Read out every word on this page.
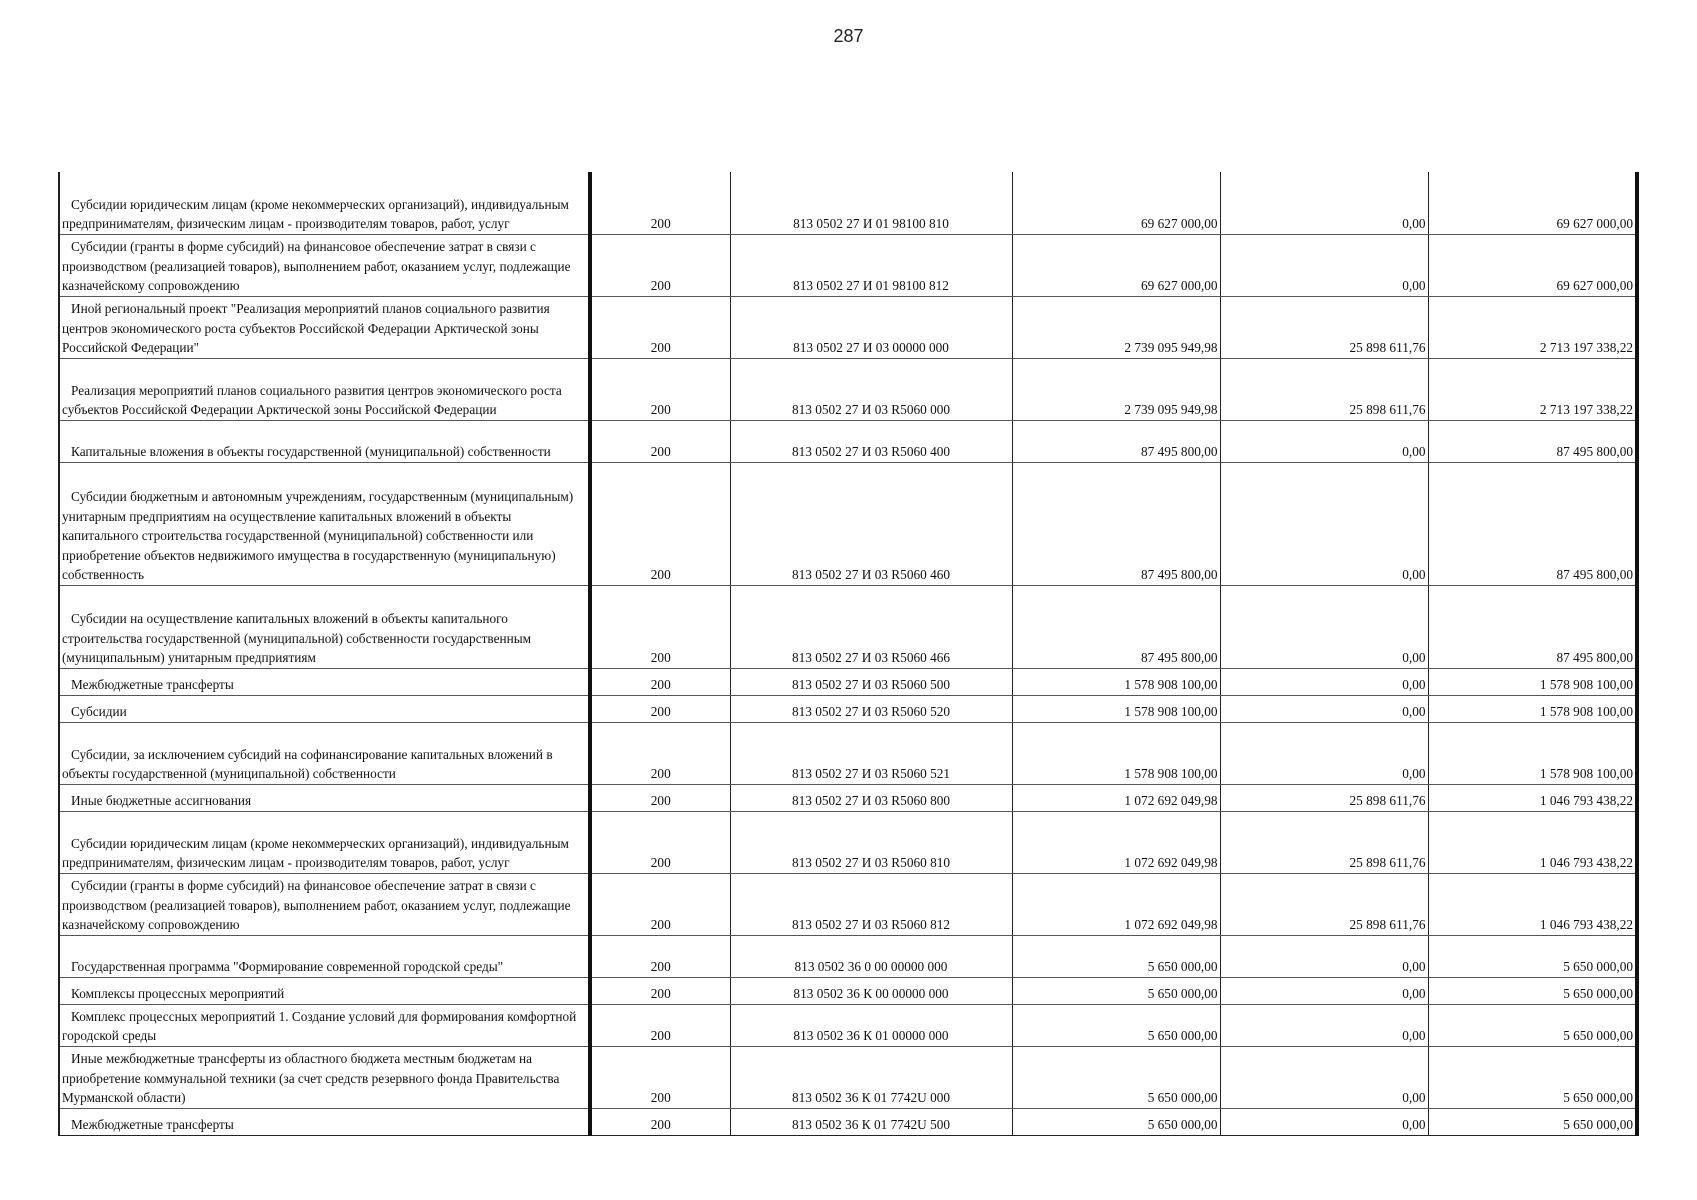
287
Субсидии юридическим лицам (кроме некоммерческих организаций), индивидуальным предпринимателям, физическим лицам - производителям товаров, работ, услуг	200	813 0502 27 И 01 98100 810	69 627 000,00	0,00	69 627 000,00

Субсидии (гранты в форме субсидий) на финансовое обеспечение затрат в связи с производством (реализацией товаров), выполнением работ, оказанием услуг, подлежащие казначейскому сопровождению	200	813 0502 27 И 01 98100 812	69 627 000,00	0,00	69 627 000,00

Иной региональный проект "Реализация мероприятий планов социального развития центров экономического роста субъектов Российской Федерации Арктической зоны Российской Федерации"	200	813 0502 27 И 03 00000 000	2 739 095 949,98	25 898 611,76	2 713 197 338,22

Реализация мероприятий планов социального развития центров экономического роста субъектов Российской Федерации Арктической зоны Российской Федерации	200	813 0502 27 И 03 R5060 000	2 739 095 949,98	25 898 611,76	2 713 197 338,22

Капитальные вложения в объекты государственной (муниципальной) собственности	200	813 0502 27 И 03 R5060 400	87 495 800,00	0,00	87 495 800,00

Субсидии бюджетным и автономным учреждениям, государственным (муниципальным) унитарным предприятиям на осуществление капитальных вложений в объекты капитального строительства государственной (муниципальной) собственности или приобретение объектов недвижимого имущества в государственную (муниципальную) собственность	200	813 0502 27 И 03 R5060 460	87 495 800,00	0,00	87 495 800,00

Субсидии на осуществление капитальных вложений в объекты капитального строительства государственной (муниципальной) собственности государственным (муниципальным) унитарным предприятиям	200	813 0502 27 И 03 R5060 466	87 495 800,00	0,00	87 495 800,00

Межбюджетные трансферты	200	813 0502 27 И 03 R5060 500	1 578 908 100,00	0,00	1 578 908 100,00

Субсидии	200	813 0502 27 И 03 R5060 520	1 578 908 100,00	0,00	1 578 908 100,00

Субсидии, за исключением субсидий на софинансирование капитальных вложений в объекты государственной (муниципальной) собственности	200	813 0502 27 И 03 R5060 521	1 578 908 100,00	0,00	1 578 908 100,00

Иные бюджетные ассигнования	200	813 0502 27 И 03 R5060 800	1 072 692 049,98	25 898 611,76	1 046 793 438,22

Субсидии юридическим лицам (кроме некоммерческих организаций), индивидуальным предпринимателям, физическим лицам - производителям товаров, работ, услуг	200	813 0502 27 И 03 R5060 810	1 072 692 049,98	25 898 611,76	1 046 793 438,22

Субсидии (гранты в форме субсидий) на финансовое обеспечение затрат в связи с производством (реализацией товаров), выполнением работ, оказанием услуг, подлежащие казначейскому сопровождению	200	813 0502 27 И 03 R5060 812	1 072 692 049,98	25 898 611,76	1 046 793 438,22

Государственная программа "Формирование современной городской среды"	200	813 0502 36 0 00 00000 000	5 650 000,00	0,00	5 650 000,00

Комплексы процессных мероприятий	200	813 0502 36 К 00 00000 000	5 650 000,00	0,00	5 650 000,00

Комплекс процессных мероприятий 1. Создание условий для формирования комфортной городской среды	200	813 0502 36 К 01 00000 000	5 650 000,00	0,00	5 650 000,00

Иные межбюджетные трансферты из областного бюджета местным бюджетам на приобретение коммунальной техники (за счет средств резервного фонда Правительства Мурманской области)	200	813 0502 36 К 01 7742U 000	5 650 000,00	0,00	5 650 000,00

Межбюджетные трансферты	200	813 0502 36 К 01 7742U 500	5 650 000,00	0,00	5 650 000,00
